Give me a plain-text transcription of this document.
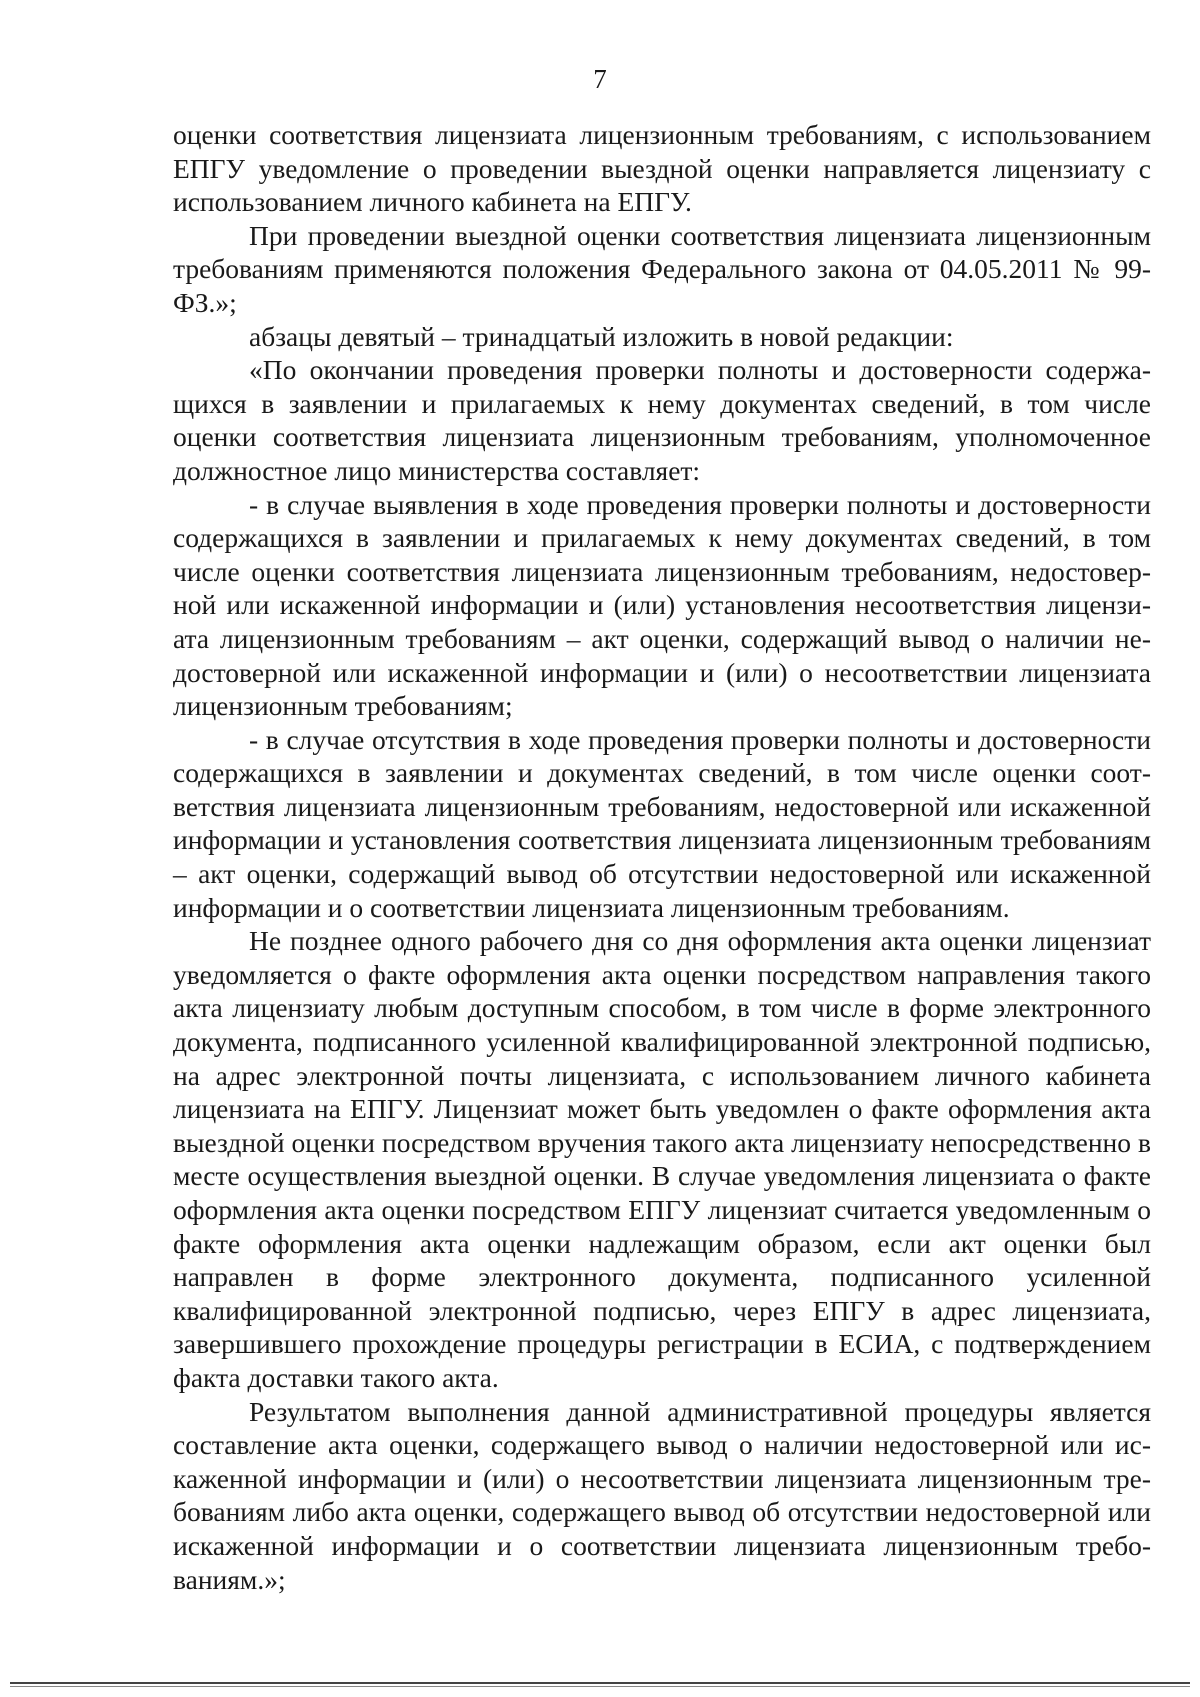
7

оценки соответствия лицензиата лицензионным требованиям, с использованием ЕПГУ уведомление о проведении выездной оценки направляется лицензиату с использованием личного кабинета на ЕПГУ.

При проведении выездной оценки соответствия лицензиата лицензионным требованиям применяются положения Федерального закона от 04.05.2011 № 99-ФЗ.»;

абзацы девятый – тринадцатый изложить в новой редакции:

«По окончании проведения проверки полноты и достоверности содержащихся в заявлении и прилагаемых к нему документах сведений, в том числе оценки соответствия лицензиата лицензионным требованиям, уполномоченное должностное лицо министерства составляет:

- в случае выявления в ходе проведения проверки полноты и достоверности содержащихся в заявлении и прилагаемых к нему документах сведений, в том числе оценки соответствия лицензиата лицензионным требованиям, недостоверной или искаженной информации и (или) установления несоответствия лицензиата лицензионным требованиям – акт оценки, содержащий вывод о наличии недостоверной или искаженной информации и (или) о несоответствии лицензиата лицензионным требованиям;

- в случае отсутствия в ходе проведения проверки полноты и достоверности содержащихся в заявлении и документах сведений, в том числе оценки соответствия лицензиата лицензионным требованиям, недостоверной или искаженной информации и установления соответствия лицензиата лицензионным требованиям – акт оценки, содержащий вывод об отсутствии недостоверной или искаженной информации и о соответствии лицензиата лицензионным требованиям.

Не позднее одного рабочего дня со дня оформления акта оценки лицензиат уведомляется о факте оформления акта оценки посредством направления такого акта лицензиату любым доступным способом, в том числе в форме электронного документа, подписанного усиленной квалифицированной электронной подписью, на адрес электронной почты лицензиата, с использованием личного кабинета лицензиата на ЕПГУ. Лицензиат может быть уведомлен о факте оформления акта выездной оценки посредством вручения такого акта лицензиату непосредственно в месте осуществления выездной оценки. В случае уведомления лицензиата о факте оформления акта оценки посредством ЕПГУ лицензиат считается уведомленным о факте оформления акта оценки надлежащим образом, если акт оценки был направлен в форме электронного документа, подписанного усиленной квалифицированной электронной подписью, через ЕПГУ в адрес лицензиата, завершившего прохождение процедуры регистрации в ЕСИА, с подтверждением факта доставки такого акта.

Результатом выполнения данной административной процедуры является составление акта оценки, содержащего вывод о наличии недостоверной или искаженной информации и (или) о несоответствии лицензиата лицензионным требованиям либо акта оценки, содержащего вывод об отсутствии недостоверной или искаженной информации и о соответствии лицензиата лицензионным требованиям.»;
